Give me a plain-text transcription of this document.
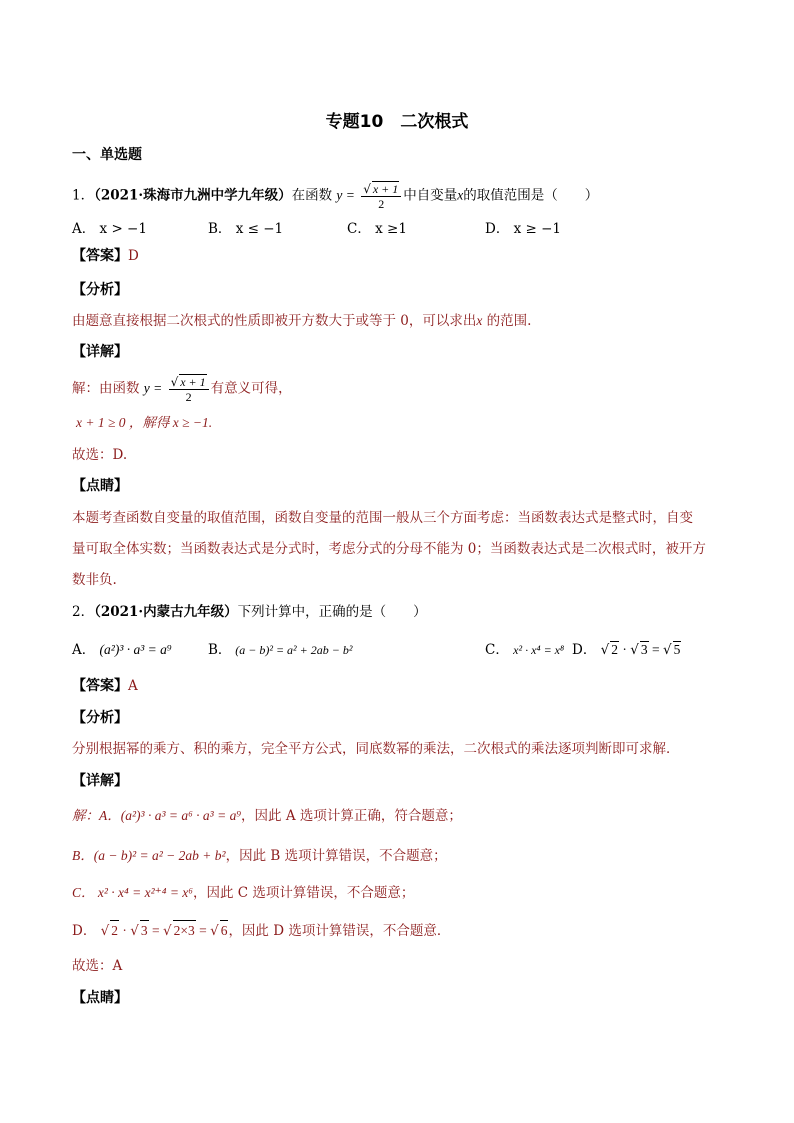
专题10　二次根式
一、单选题
1．（2021·珠海市九洲中学九年级）在函数 $y = \frac{√ x + 1}{2}$ 中自变量x的取值范围是（　　）
A． x > −1	B． x ≤ −1	C． x ≥1	D． x ≥ −1
【答案】D
【分析】
由题意直接根据二次根式的性质即被开方数大于或等于 0，可以求出x 的范围.
【详解】
解：由函数 $y = \frac{√ x + 1}{2}$ 有意义可得，
x + 1 ≥ 0 ，解得 x ≥ −1.
故选：D.
【点睛】
本题考查函数自变量的取值范围，函数自变量的范围一般从三个方面考虑：当函数表达式是整式时，自变
量可取全体实数；当函数表达式是分式时，考虑分式的分母不能为 0；当函数表达式是二次根式时，被开方
数非负.
2．（2021·内蒙古九年级）下列计算中，正确的是（　　）
A． (a²)³ · a³ = a⁹	B． (a − b)² = a² + 2ab − b²	C． x² · x⁴ = x⁸ D． √ 2 · √ 3 = √ 5
【答案】A
【分析】
分别根据幂的乘方、积的乘方，完全平方公式，同底数幂的乘法，二次根式的乘法逐项判断即可求解．
【详解】
解：A．(a²)³ · a³ = a⁶ · a³ = a⁹，因此 A 选项计算正确，符合题意；
B．(a − b)² = a² − 2ab + b²，因此 B 选项计算错误，不合题意；
C． x² · x⁴ = x²⁺⁴ = x⁶，因此 C 选项计算错误，不合题意；
D． √ 2 · √ 3 = √ 2×3 = √ 6，因此 D 选项计算错误，不合题意．
故选：A
【点睛】
